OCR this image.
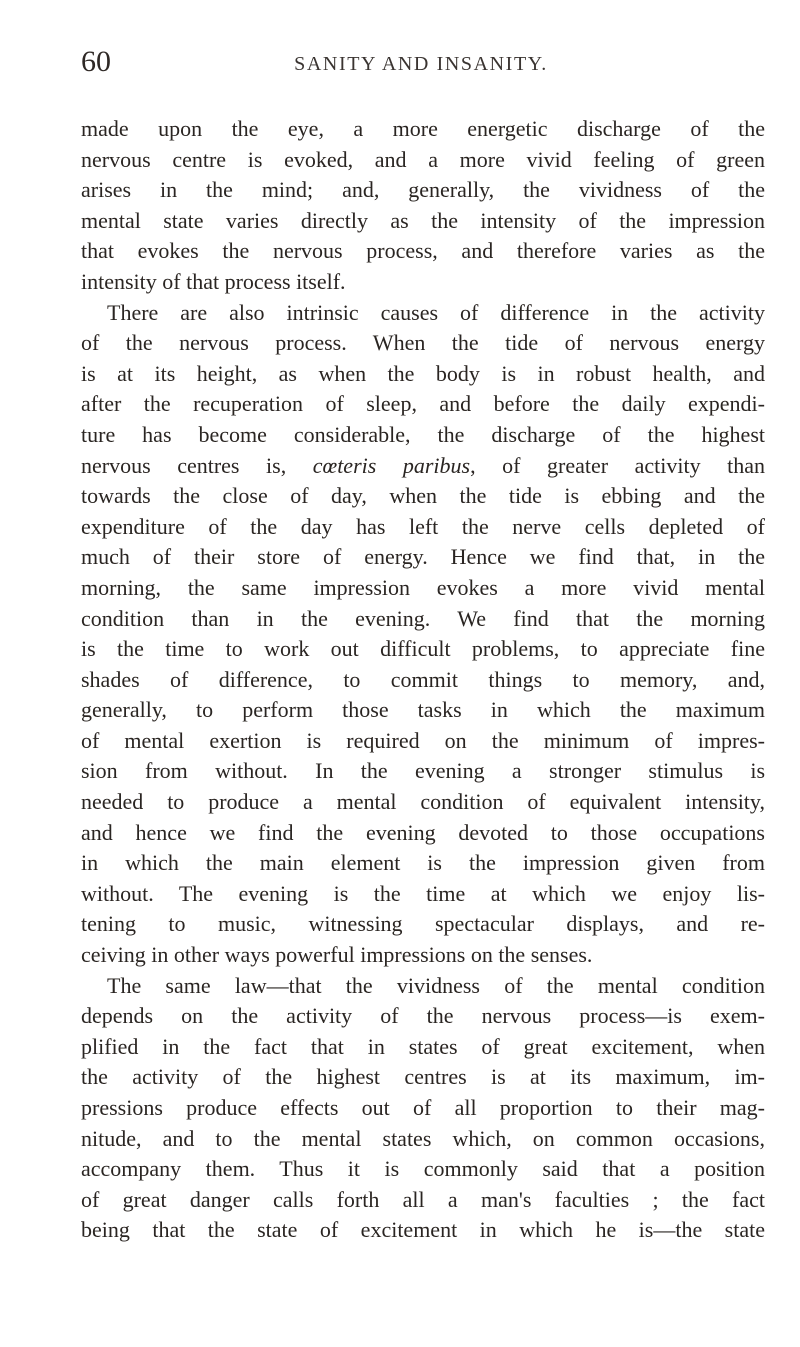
60	SANITY AND INSANITY.
made upon the eye, a more energetic discharge of the
nervous centre is evoked, and a more vivid feeling of green
arises in the mind; and, generally, the vividness of the
mental state varies directly as the intensity of the impression
that evokes the nervous process, and therefore varies as the
intensity of that process itself.
There are also intrinsic causes of difference in the activity
of the nervous process. When the tide of nervous energy
is at its height, as when the body is in robust health, and
after the recuperation of sleep, and before the daily expendi-
ture has become considerable, the discharge of the highest
nervous centres is, cœteris paribus, of greater activity than
towards the close of day, when the tide is ebbing and the
expenditure of the day has left the nerve cells depleted of
much of their store of energy. Hence we find that, in the
morning, the same impression evokes a more vivid mental
condition than in the evening. We find that the morning
is the time to work out difficult problems, to appreciate fine
shades of difference, to commit things to memory, and,
generally, to perform those tasks in which the maximum
of mental exertion is required on the minimum of impres-
sion from without. In the evening a stronger stimulus is
needed to produce a mental condition of equivalent intensity,
and hence we find the evening devoted to those occupations
in which the main element is the impression given from
without. The evening is the time at which we enjoy lis-
tening to music, witnessing spectacular displays, and re-
ceiving in other ways powerful impressions on the senses.
The same law—that the vividness of the mental condition
depends on the activity of the nervous process—is exem-
plified in the fact that in states of great excitement, when
the activity of the highest centres is at its maximum, im-
pressions produce effects out of all proportion to their mag-
nitude, and to the mental states which, on common occasions,
accompany them. Thus it is commonly said that a position
of great danger calls forth all a man's faculties ; the fact
being that the state of excitement in which he is—the state
